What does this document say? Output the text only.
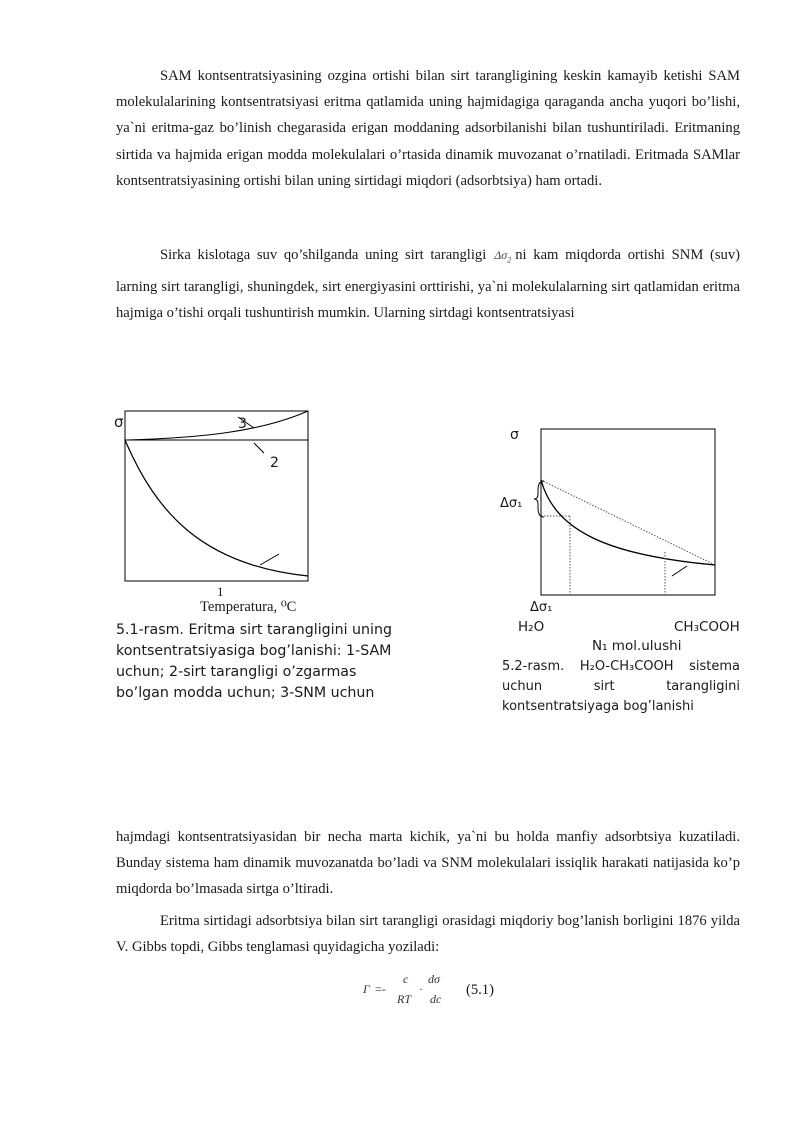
SAM kontsentratsiyasining ozgina ortishi bilan sirt tarangligining keskin kamayib ketishi SAM molekulalarining kontsentratsiyasi eritma qatlamida uning hajmidagiga qaraganda ancha yuqori bo’lishi, ya`ni eritma-gaz bo’linish chegarasida erigan moddaning adsorbilanishi bilan tushuntiriladi. Eritmaning sirtida va hajmida erigan modda molekulalari o’rtasida dinamik muvozanat o’rnatiladi. Eritmada SAMlar kontsentratsiyasining ortishi bilan uning sirtidagi miqdori (adsorbtsiya) ham ortadi.

Sirka kislotaga suv qo’shilganda uning sirt tarangligi $\Delta\sigma_2$ ni kam miqdorda ortishi SNM (suv) larning sirt tarangligi, shuningdek, sirt energiyasini orttirishi, ya`ni molekulalarning sirt qatlamidan eritma hajmiga o’tishi orqali tushuntirish mumkin. Ularning sirtdagi kontsentratsiyasi

σ	3
2
1
Temperatura, ⁰C
5.1-rasm. Eritma sirt tarangligini uning kontsentratsiyasiga bog’lanishi: 1-SAM uchun; 2-sirt tarangligi o’zgarmas bo’lgan modda uchun; 3-SNM uchun
σ
Δσ₁
Δσ₁
H₂O	CH₃COOH
N₁ mol.ulushi
5.2-rasm. H₂O-CH₃COOH sistema uchun sirt tarangligini kontsentratsiyaga bog’lanishi

hajmdagi kontsentratsiyasidan bir necha marta kichik, ya`ni bu holda manfiy adsorbtsiya kuzatiladi. Bunday sistema ham dinamik muvozanatda bo’ladi va SNM molekulalari issiqlik harakati natijasida ko’p miqdorda bo’lmasada sirtga o’ltiradi.

Eritma sirtidagi adsorbtsiya bilan sirt tarangligi orasidagi miqdoriy bog’lanish borligini 1876 yilda V. Gibbs topdi, Gibbs tenglamasi quyidagicha yoziladi:

Γ =-
c
RT
·
dσ
dc
(5.1)
